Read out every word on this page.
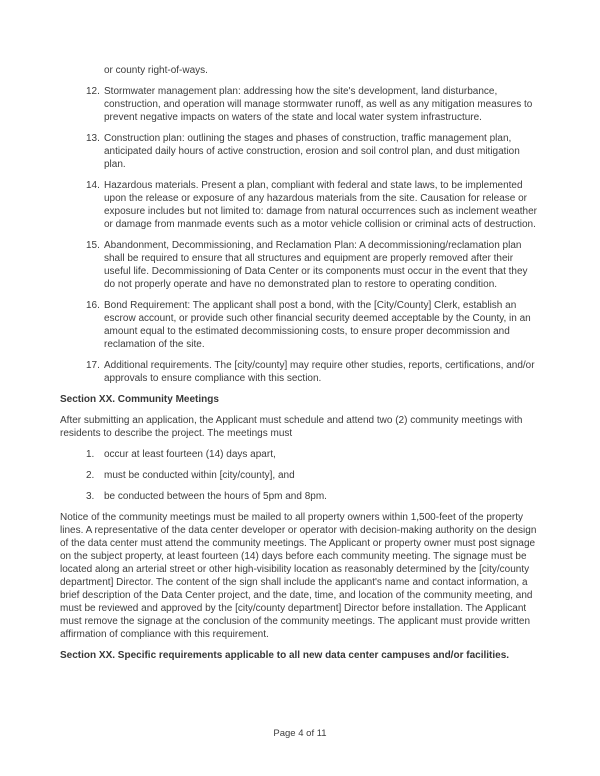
or county right-of-ways.

12. Stormwater management plan: addressing how the site's development, land disturbance, construction, and operation will manage stormwater runoff, as well as any mitigation measures to prevent negative impacts on waters of the state and local water system infrastructure.
13. Construction plan: outlining the stages and phases of construction, traffic management plan, anticipated daily hours of active construction, erosion and soil control plan, and dust mitigation plan.
14. Hazardous materials. Present a plan, compliant with federal and state laws, to be implemented upon the release or exposure of any hazardous materials from the site. Causation for release or exposure includes but not limited to: damage from natural occurrences such as inclement weather or damage from manmade events such as a motor vehicle collision or criminal acts of destruction.
15. Abandonment, Decommissioning, and Reclamation Plan: A decommissioning/reclamation plan shall be required to ensure that all structures and equipment are properly removed after their useful life. Decommissioning of Data Center or its components must occur in the event that they do not properly operate and have no demonstrated plan to restore to operating condition.
16. Bond Requirement: The applicant shall post a bond, with the [City/County] Clerk, establish an escrow account, or provide such other financial security deemed acceptable by the County, in an amount equal to the estimated decommissioning costs, to ensure proper decommission and reclamation of the site.
17. Additional requirements. The [city/county] may require other studies, reports, certifications, and/or approvals to ensure compliance with this section.
Section XX. Community Meetings

After submitting an application, the Applicant must schedule and attend two (2) community meetings with residents to describe the project. The meetings must

1. occur at least fourteen (14) days apart,
2. must be conducted within [city/county], and
3. be conducted between the hours of 5pm and 8pm.

Notice of the community meetings must be mailed to all property owners within 1,500-feet of the property lines. A representative of the data center developer or operator with decision-making authority on the design of the data center must attend the community meetings. The Applicant or property owner must post signage on the subject property, at least fourteen (14) days before each community meeting. The signage must be located along an arterial street or other high-visibility location as reasonably determined by the [city/county department] Director. The content of the sign shall include the applicant's name and contact information, a brief description of the Data Center project, and the date, time, and location of the community meeting, and must be reviewed and approved by the [city/county department] Director before installation. The Applicant must remove the signage at the conclusion of the community meetings. The applicant must provide written affirmation of compliance with this requirement.

Section XX. Specific requirements applicable to all new data center campuses and/or facilities.
Page 4 of 11
